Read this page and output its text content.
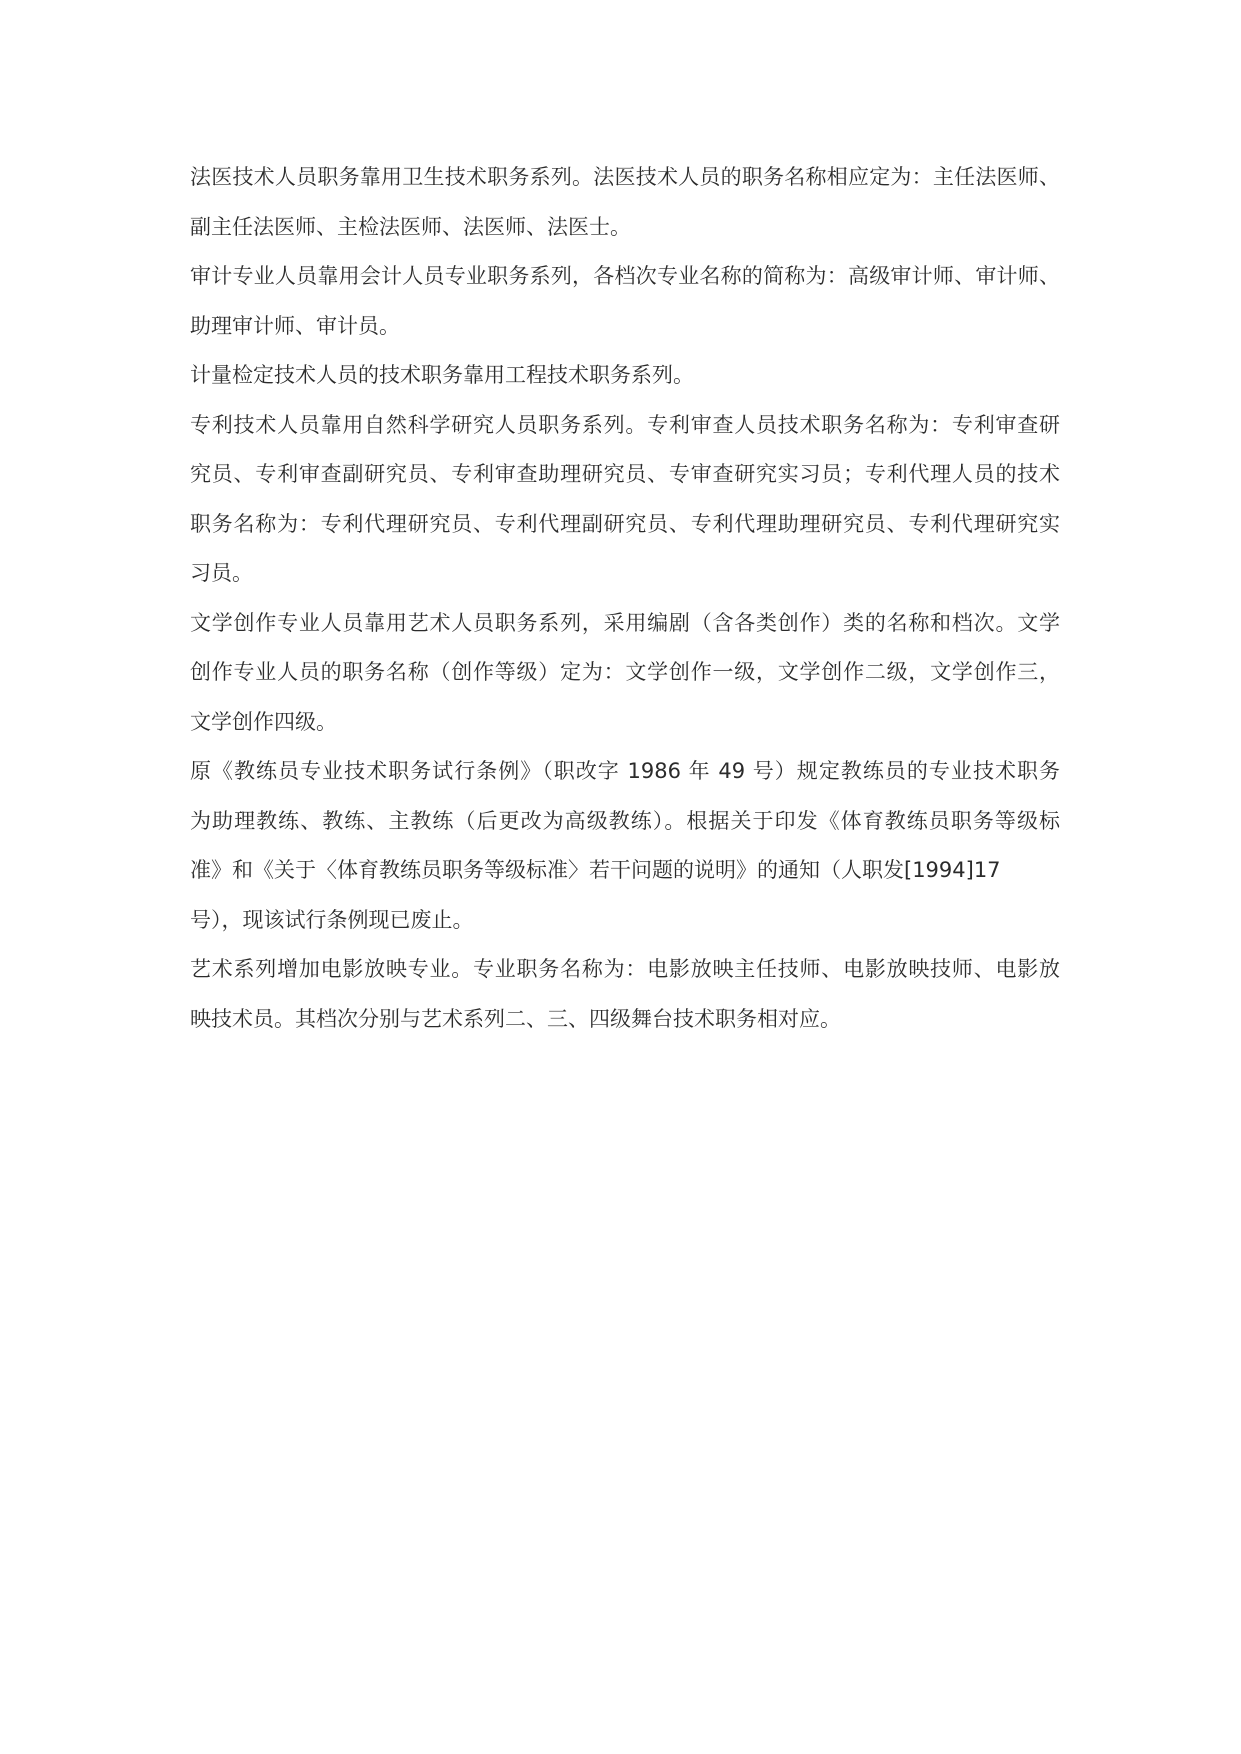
法医技术人员职务靠用卫生技术职务系列。法医技术人员的职务名称相应定为：主任法医师、
副主任法医师、主检法医师、法医师、法医士。
审计专业人员靠用会计人员专业职务系列，各档次专业名称的简称为：高级审计师、审计师、
助理审计师、审计员。
计量检定技术人员的技术职务靠用工程技术职务系列。
专利技术人员靠用自然科学研究人员职务系列。专利审查人员技术职务名称为：专利审查研
究员、专利审查副研究员、专利审查助理研究员、专审查研究实习员；专利代理人员的技术
职务名称为：专利代理研究员、专利代理副研究员、专利代理助理研究员、专利代理研究实
习员。
文学创作专业人员靠用艺术人员职务系列，采用编剧（含各类创作）类的名称和档次。文学
创作专业人员的职务名称（创作等级）定为：文学创作一级，文学创作二级，文学创作三，
文学创作四级。
原《教练员专业技术职务试行条例》（职改字 1986 年 49 号）规定教练员的专业技术职务
为助理教练、教练、主教练（后更改为高级教练）。根据关于印发《体育教练员职务等级标
准》和《关于〈体育教练员职务等级标准〉若干问题的说明》的通知（人职发[1994]17
号），现该试行条例现已废止。
艺术系列增加电影放映专业。专业职务名称为：电影放映主任技师、电影放映技师、电影放
映技术员。其档次分别与艺术系列二、三、四级舞台技术职务相对应。
